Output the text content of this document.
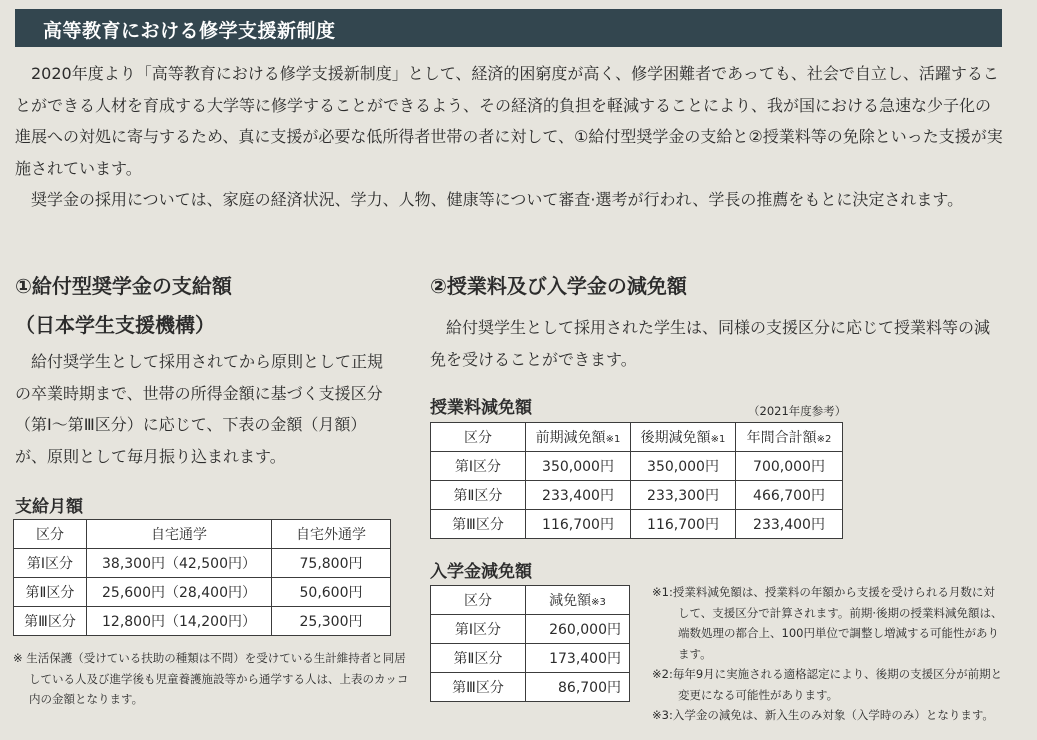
高等教育における修学支援新制度

2020年度より「高等教育における修学支援新制度」として、経済的困窮度が高く、修学困難者であっても、社会で自立し、活躍することができる人材を育成する大学等に修学することができるよう、その経済的負担を軽減することにより、我が国における急速な少子化の進展への対処に寄与するため、真に支援が必要な低所得者世帯の者に対して、①給付型奨学金の支給と②授業料等の免除といった支援が実施されています。

奨学金の採用については、家庭の経済状況、学力、人物、健康等について審査·選考が行われ、学長の推薦をもとに決定されます。

①給付型奨学金の支給額
（日本学生支援機構）
給付奨学生として採用されてから原則として正規の卒業時期まで、世帯の所得金額に基づく支援区分（第Ⅰ～第Ⅲ区分）に応じて、下表の金額（月額）が、原則として毎月振り込まれます。
支給月額
区分	自宅通学	自宅外通学
第Ⅰ区分	38,300円（42,500円）	75,800円
第Ⅱ区分	25,600円（28,400円）	50,600円
第Ⅲ区分	12,800円（14,200円）	25,300円
※ 生活保護（受けている扶助の種類は不問）を受けている生計維持者と同居している人及び進学後も児童養護施設等から通学する人は、上表のカッコ内の金額となります。
②授業料及び入学金の減免額
給付奨学生として採用された学生は、同様の支援区分に応じて授業料等の減免を受けることができます。
授業料減免額	（2021年度参考）
区分	前期減免額※1	後期減免額※1	年間合計額※2
第Ⅰ区分	350,000円	350,000円	700,000円
第Ⅱ区分	233,400円	233,300円	466,700円
第Ⅲ区分	116,700円	116,700円	233,400円
入学金減免額
区分	減免額※3
第Ⅰ区分	260,000円
第Ⅱ区分	173,400円
第Ⅲ区分	86,700円
※1:授業料減免額は、授業料の年額から支援を受けられる月数に対して、支援区分で計算されます。前期·後期の授業料減免額は、端数処理の都合上、100円単位で調整し増減する可能性があります。
※2:毎年9月に実施される適格認定により、後期の支援区分が前期と変更になる可能性があります。
※3:入学金の減免は、新入生のみ対象（入学時のみ）となります。
